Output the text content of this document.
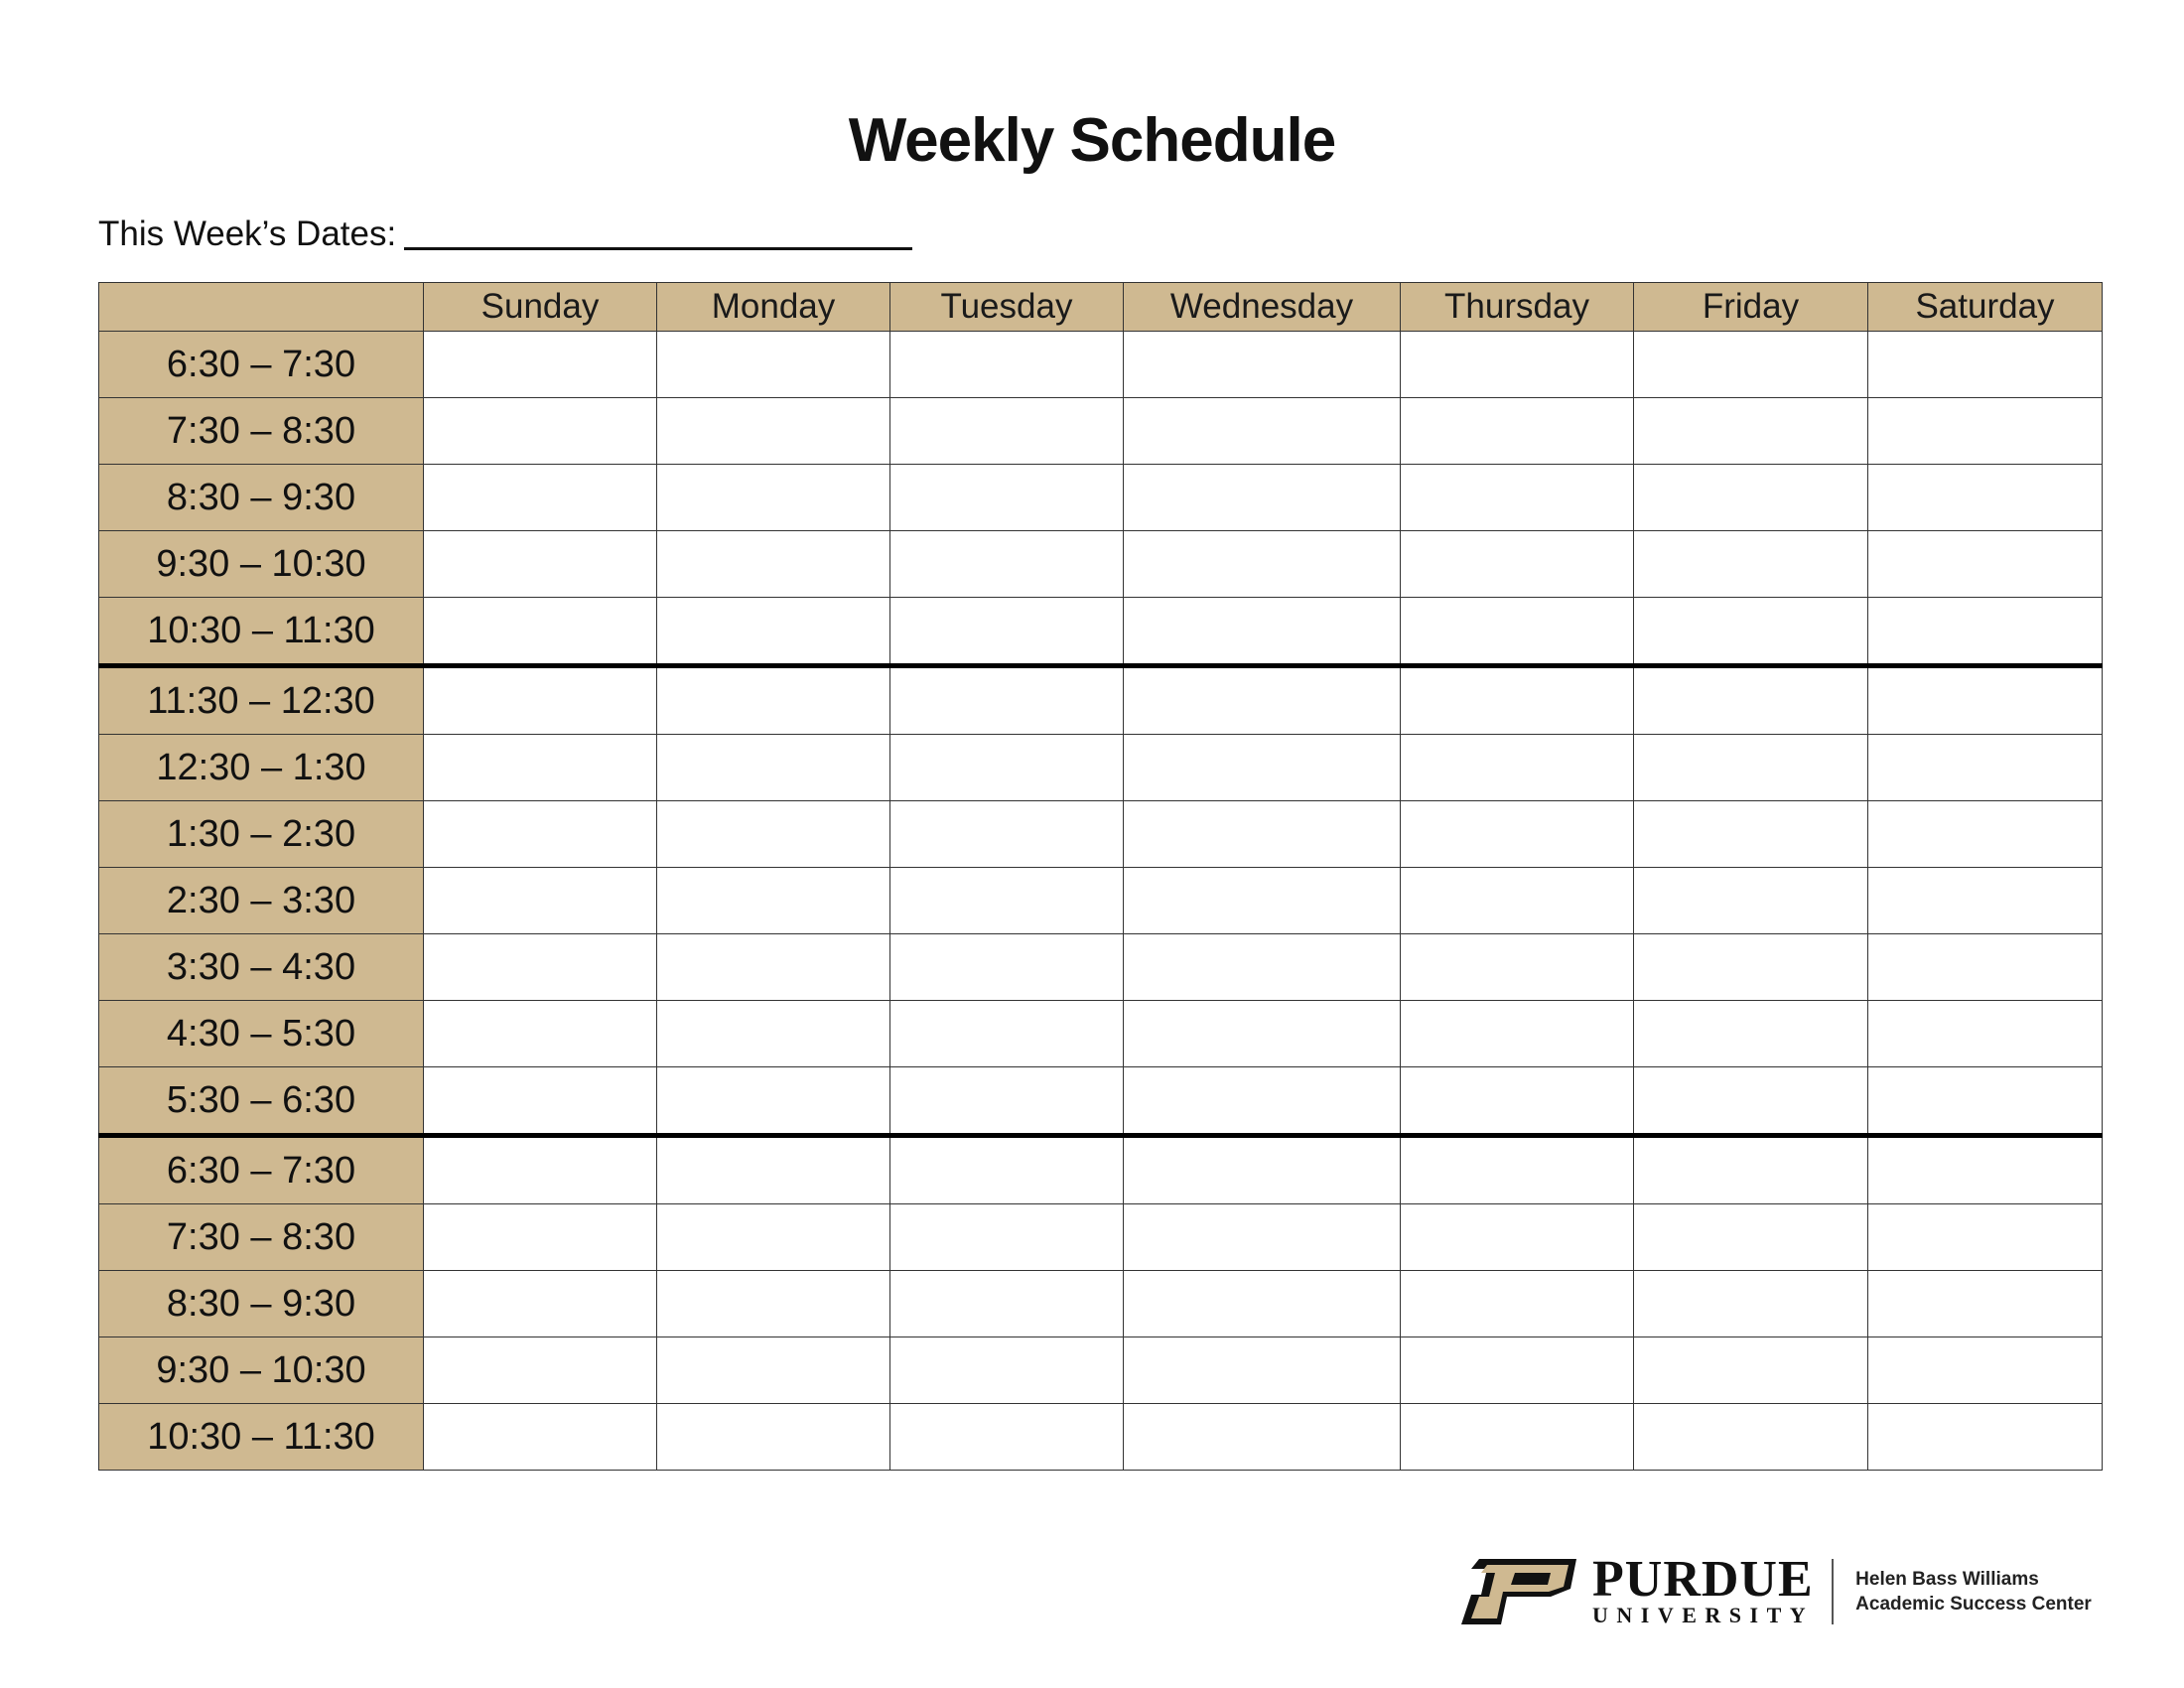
Weekly Schedule
This Week’s Dates:
	Sunday	Monday	Tuesday	Wednesday	Thursday	Friday	Saturday
6:30 – 7:30							
7:30 – 8:30							
8:30 – 9:30							
9:30 – 10:30							
10:30 – 11:30							
11:30 – 12:30							
12:30 – 1:30							
1:30 – 2:30							
2:30 – 3:30							
3:30 – 4:30							
4:30 – 5:30							
5:30 – 6:30							
6:30 – 7:30							
7:30 – 8:30							
8:30 – 9:30							
9:30 – 10:30							
10:30 – 11:30							
PURDUE
UNIVERSITY
Helen Bass Williams
Academic Success Center
